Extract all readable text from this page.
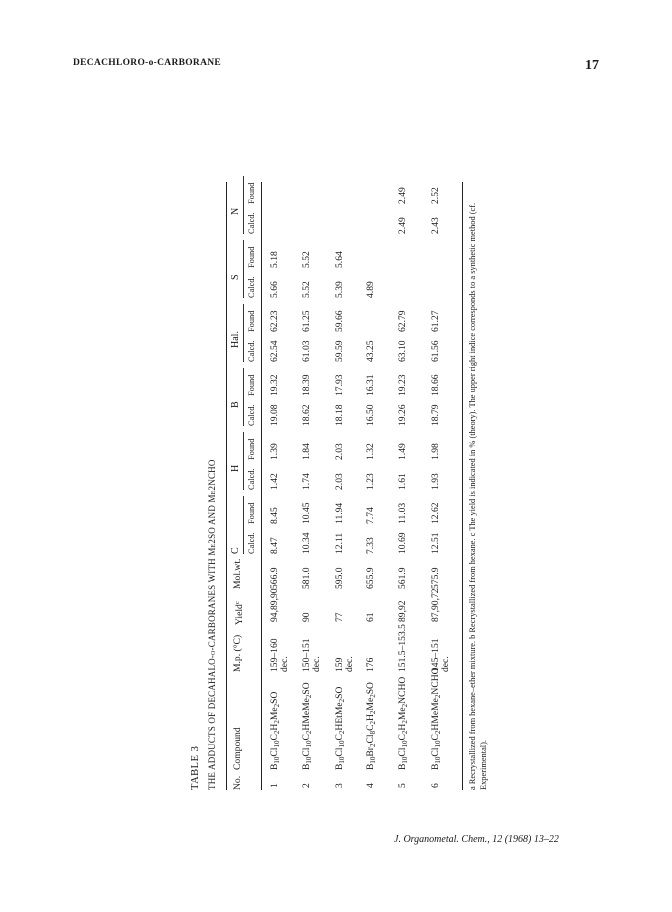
DECACHLORO-o-CARBORANE	17
TABLE 3 THE ADDUCTS OF DECAHALO-o-CARBORANES WITH Me2SO AND Me2NCHO No.
Compound
M.p. (°C)
Yield$^c$
Mol.wt.
C
H
B
Hal.
S
N
Calcd.
Found
Calcd.
Found
Calcd.
Found
Calcd.
Found
Calcd.
Found
Calcd.
Found
1
$B_{10}Cl_{10}C_2H_2Me_2SO$
159–160 dec.
94,89,90
566.9
8.47
8.45
1.42
1.39
19.08
19.32
62.54
62.23
5.66
5.18
2
$B_{10}Cl_{10}C_2HMeMe_2SO$
150–151 dec.
90
581.0
10.34
10.45
1.74
1.84
18.62
18.39
61.03
61.25
5.52
5.52
3
$B_{10}Cl_{10}C_2HEtMe_2SO$
159 dec.
77
595.0
12.11
11.94
2.03
2.03
18.18
17.93
59.59
59.66
5.39
5.64
4
$B_{10}Br_2Cl_8C_2H_2Me_2SO$
176
61
655.9
7.33
7.74
1.23
1.32
16.50
16.31
43.25
4.89
5
$B_{10}Cl_{10}C_2H_2Me_2NCHO$
151.5–153.5
89,92
561.9
10.69
11.03
1.61
1.49
19.26
19.23
63.10
62.79
2.49
2.49
6
$B_{10}Cl_{10}C_2HMeMe_2NCHO$
145–151 dec.
87,90,72
575.9
12.51
12.62
1.93
1.98
18.79
18.66
61.56
61.27
2.43
2.52
a Recrystallized from hexane–ether mixture. b Recrystallized from hexane. c The yield is indicated in % (theory). The upper right indice corresponds to a synthetic method (cf. Experimental).
J. Organometal. Chem., 12 (1968) 13–22
